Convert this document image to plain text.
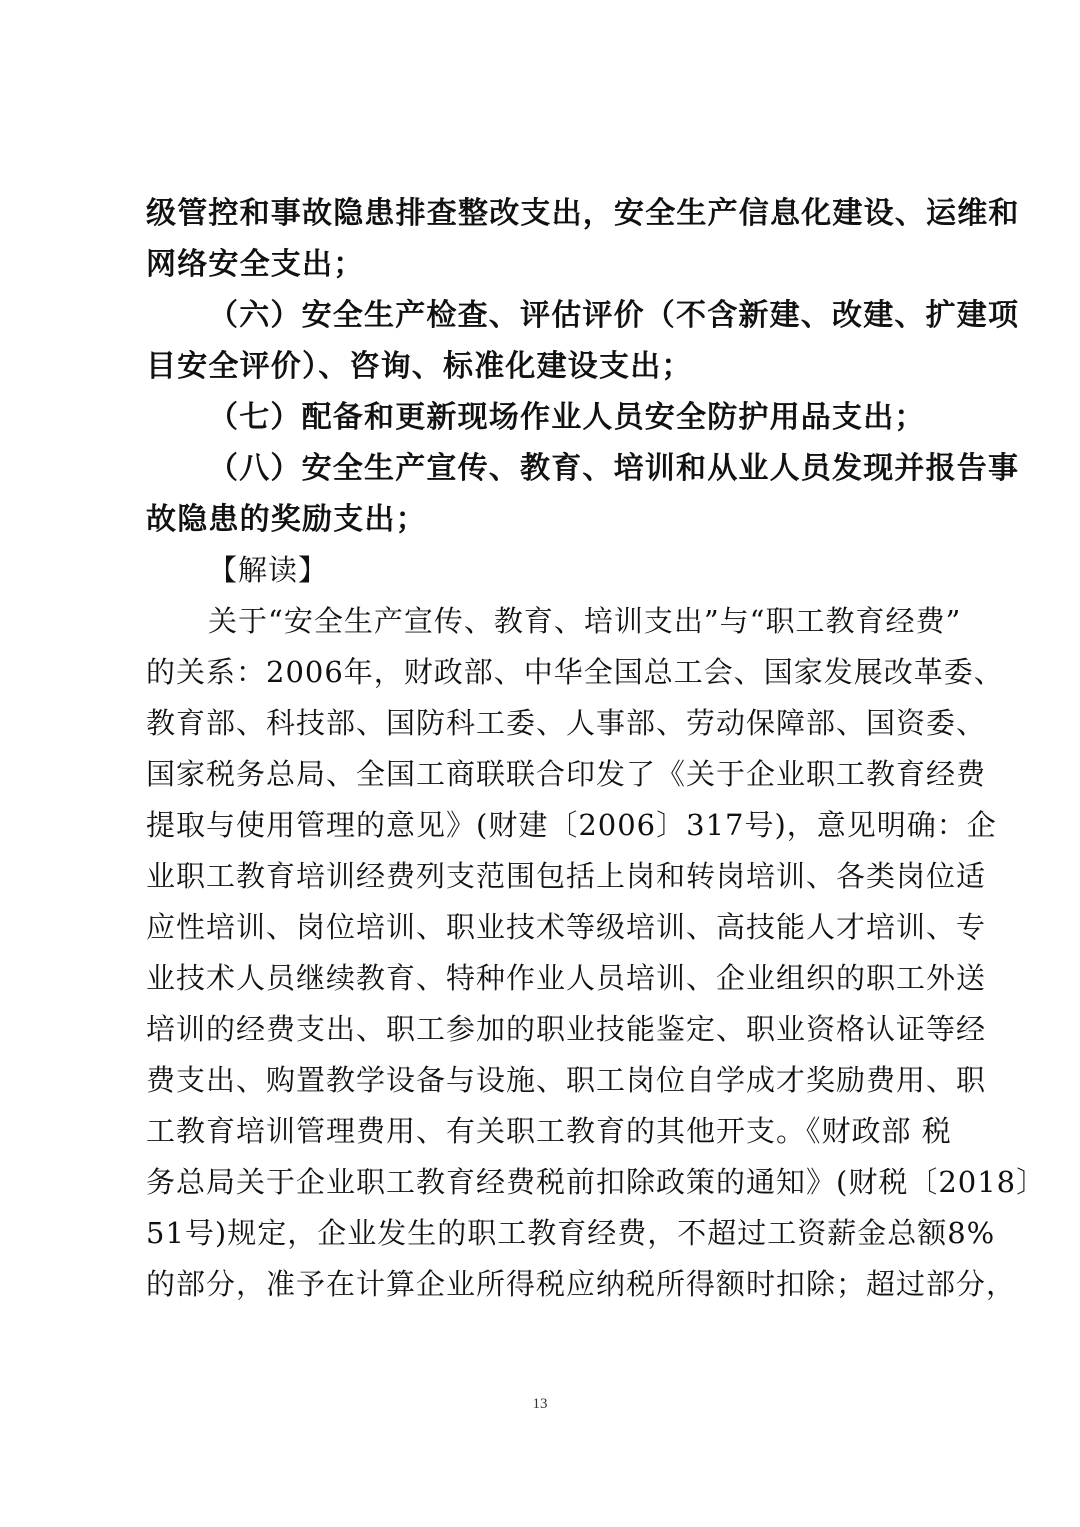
级管控和事故隐患排查整改支出，安全生产信息化建设、运维和
网络安全支出；
（六）安全生产检查、评估评价（不含新建、改建、扩建项
目安全评价）、咨询、标准化建设支出；
（七）配备和更新现场作业人员安全防护用品支出；
（八）安全生产宣传、教育、培训和从业人员发现并报告事
故隐患的奖励支出；
【解读】
关于“安全生产宣传、教育、培训支出”与“职工教育经费”
的关系：2006年，财政部、中华全国总工会、国家发展改革委、
教育部、科技部、国防科工委、人事部、劳动保障部、国资委、
国家税务总局、全国工商联联合印发了《关于企业职工教育经费
提取与使用管理的意见》(财建〔2006〕317号)，意见明确：企
业职工教育培训经费列支范围包括上岗和转岗培训、各类岗位适
应性培训、岗位培训、职业技术等级培训、高技能人才培训、专
业技术人员继续教育、特种作业人员培训、企业组织的职工外送
培训的经费支出、职工参加的职业技能鉴定、职业资格认证等经
费支出、购置教学设备与设施、职工岗位自学成才奖励费用、职
工教育培训管理费用、有关职工教育的其他开支。《财政部 税
务总局关于企业职工教育经费税前扣除政策的通知》(财税〔2018〕
51号)规定，企业发生的职工教育经费，不超过工资薪金总额8%
的部分，准予在计算企业所得税应纳税所得额时扣除；超过部分，
13
